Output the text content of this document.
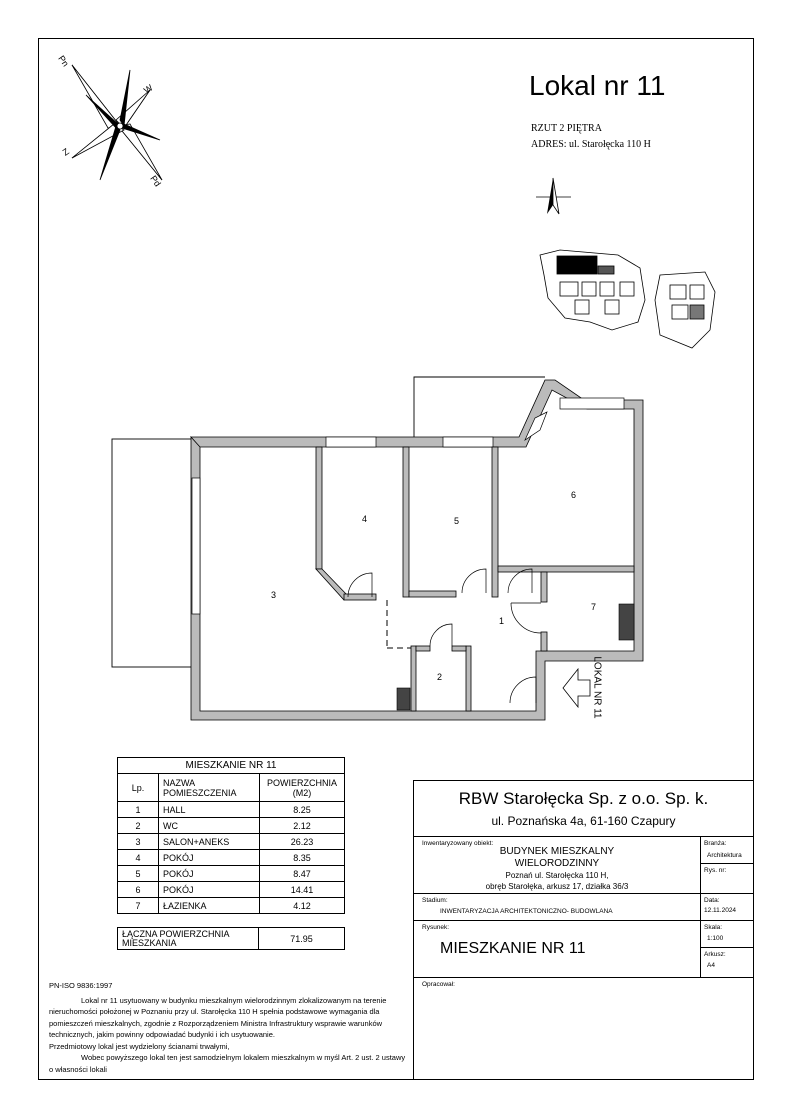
Lokal nr 11
RZUT 2 PIĘTRA
ADRES: ul. Starołęcka 110 H
Pn
W
Z
Pd
1
2
3
4	5
6
7
LOKAL NR 11
MIESZKANIE NR 11		
Lp.	NAZWA POMIESZCZENIA	POWIERZCHNIA (M2)
1	HALL	8.25
2	WC	2.12
3	SALON+ANEKS	26.23
4	POKÓJ	8.35
5	POKÓJ	8.47
6	POKÓJ	14.41
7	ŁAZIENKA	4.12
ŁĄCZNA POWIERZCHNIA MIESZKANIA	71.95

PN-ISO 9836:1997

Lokal nr 11 usytuowany w budynku mieszkalnym wielorodzinnym zlokalizowanym na terenie nieruchomości położonej w Poznaniu przy ul. Starołęcka 110 H spełnia podstawowe wymagania dla pomieszczeń mieszkalnych, zgodnie z Rozporządzeniem Ministra Infrastruktury wsprawie warunków technicznych, jakim powinny odpowiadać budynki i ich usytuowanie.

Przedmiotowy lokal jest wydzielony ścianami trwałymi,

Wobec powyższego lokal ten jest samodzielnym lokalem mieszkalnym w myśl Art. 2 ust. 2 ustawy o własności lokali

RBW Starołęcka Sp. z o.o. Sp. k.
ul. Poznańska 4a, 61-160 Czapury
Inwentaryzowany obiekt:
BUDYNEK MIESZKALNY
WIELORODZINNY
Poznań ul. Starołęcka 110 H,
obręb Starołęka, arkusz 17, działka 36/3
Branża:
Architektura
Rys. nr:
Stadium:
INWENTARYZACJA ARCHITEKTONICZNO- BUDOWLANA
Data:
12.11.2024
Rysunek:
MIESZKANIE NR 11
Skala:
1:100
Arkusz:
A4
Opracował:
